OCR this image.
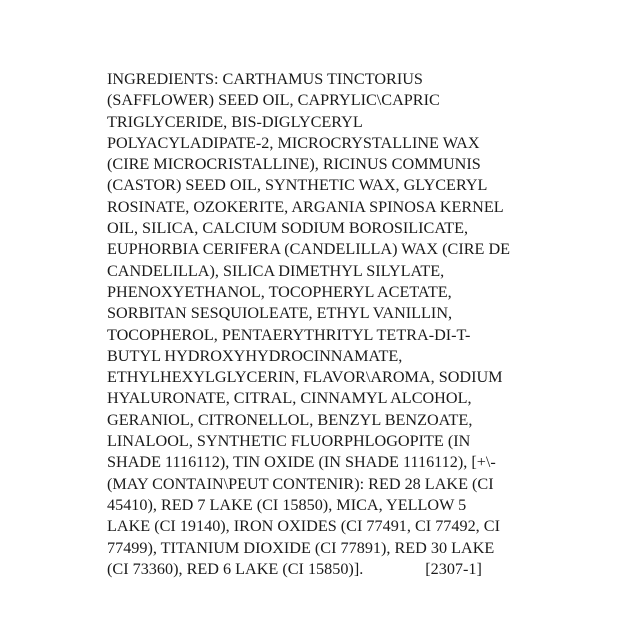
INGREDIENTS: CARTHAMUS TINCTORIUS
(SAFFLOWER) SEED OIL, CAPRYLIC\CAPRIC
TRIGLYCERIDE, BIS-DIGLYCERYL
POLYACYLADIPATE-2, MICROCRYSTALLINE WAX
(CIRE MICROCRISTALLINE), RICINUS COMMUNIS
(CASTOR) SEED OIL, SYNTHETIC WAX, GLYCERYL
ROSINATE, OZOKERITE, ARGANIA SPINOSA KERNEL
OIL, SILICA, CALCIUM SODIUM BOROSILICATE,
EUPHORBIA CERIFERA (CANDELILLA) WAX (CIRE DE
CANDELILLA), SILICA DIMETHYL SILYLATE,
PHENOXYETHANOL, TOCOPHERYL ACETATE,
SORBITAN SESQUIOLEATE, ETHYL VANILLIN,
TOCOPHEROL, PENTAERYTHRITYL TETRA-DI-T-
BUTYL HYDROXYHYDROCINNAMATE,
ETHYLHEXYLGLYCERIN, FLAVOR\AROMA, SODIUM
HYALURONATE, CITRAL, CINNAMYL ALCOHOL,
GERANIOL, CITRONELLOL, BENZYL BENZOATE,
LINALOOL, SYNTHETIC FLUORPHLOGOPITE (IN
SHADE 1116112), TIN OXIDE (IN SHADE 1116112), [+\-
(MAY CONTAIN\PEUT CONTENIR): RED 28 LAKE (CI
45410), RED 7 LAKE (CI 15850), MICA, YELLOW 5
LAKE (CI 19140), IRON OXIDES (CI 77491, CI 77492, CI
77499), TITANIUM DIOXIDE (CI 77891), RED 30 LAKE
(CI 73360), RED 6 LAKE (CI 15850)].	[2307-1]
